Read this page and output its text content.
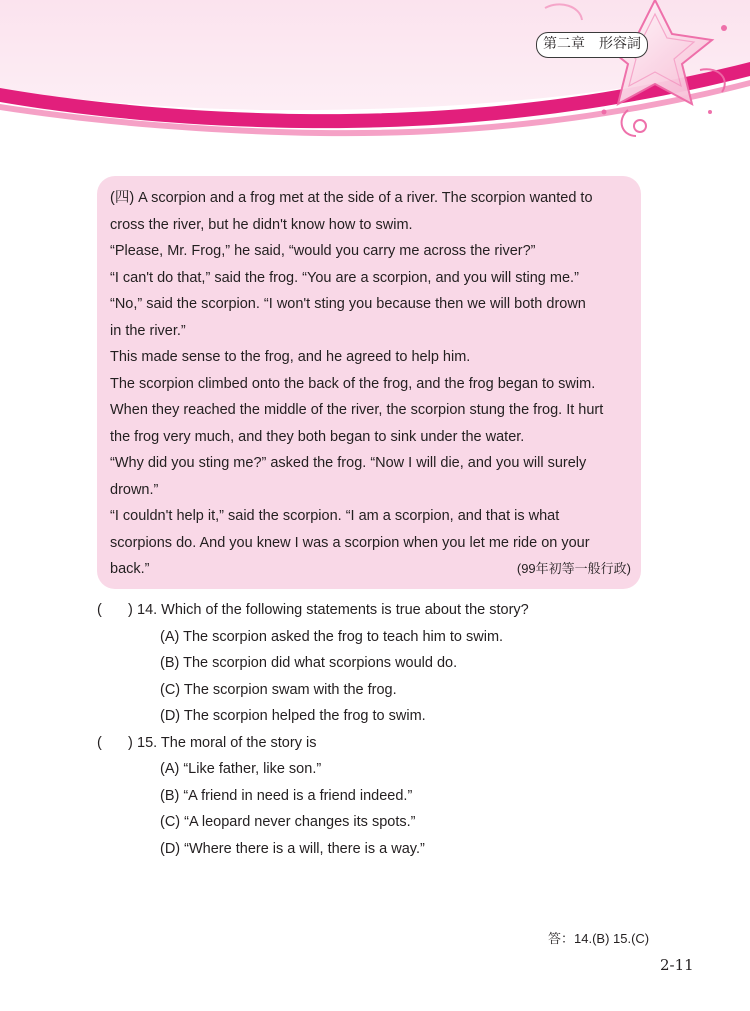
第二章　形容詞

(四) A scorpion and a frog met at the side of a river. The scorpion wanted to

cross the river, but he didn't know how to swim.

“Please, Mr. Frog,” he said, “would you carry me across the river?”

“I can't do that,” said the frog. “You are a scorpion, and you will sting me.”

“No,” said the scorpion. “I won't sting you because then we will both drown

in the river.”

This made sense to the frog, and he agreed to help him.

The scorpion climbed onto the back of the frog, and the frog began to swim.

When they reached the middle of the river, the scorpion stung the frog. It hurt

the frog very much, and they both began to sink under the water.

“Why did you sting me?” asked the frog. “Now I will die, and you will surely

drown.”

“I couldn't help it,” said the scorpion. “I am a scorpion, and that is what

scorpions do. And you knew I was a scorpion when you let me ride on your

back.”	(99年初等一般行政)

( ) 14. Which of the following statements is true about the story?
(A) The scorpion asked the frog to teach him to swim.
(B) The scorpion did what scorpions would do.
(C) The scorpion swam with the frog.
(D) The scorpion helped the frog to swim.
( ) 15. The moral of the story is
(A) “Like father, like son.”
(B) “A friend in need is a friend indeed.”
(C) “A leopard never changes its spots.”
(D) “Where there is a will, there is a way.”
答：14.(B) 15.(C)
2-11
